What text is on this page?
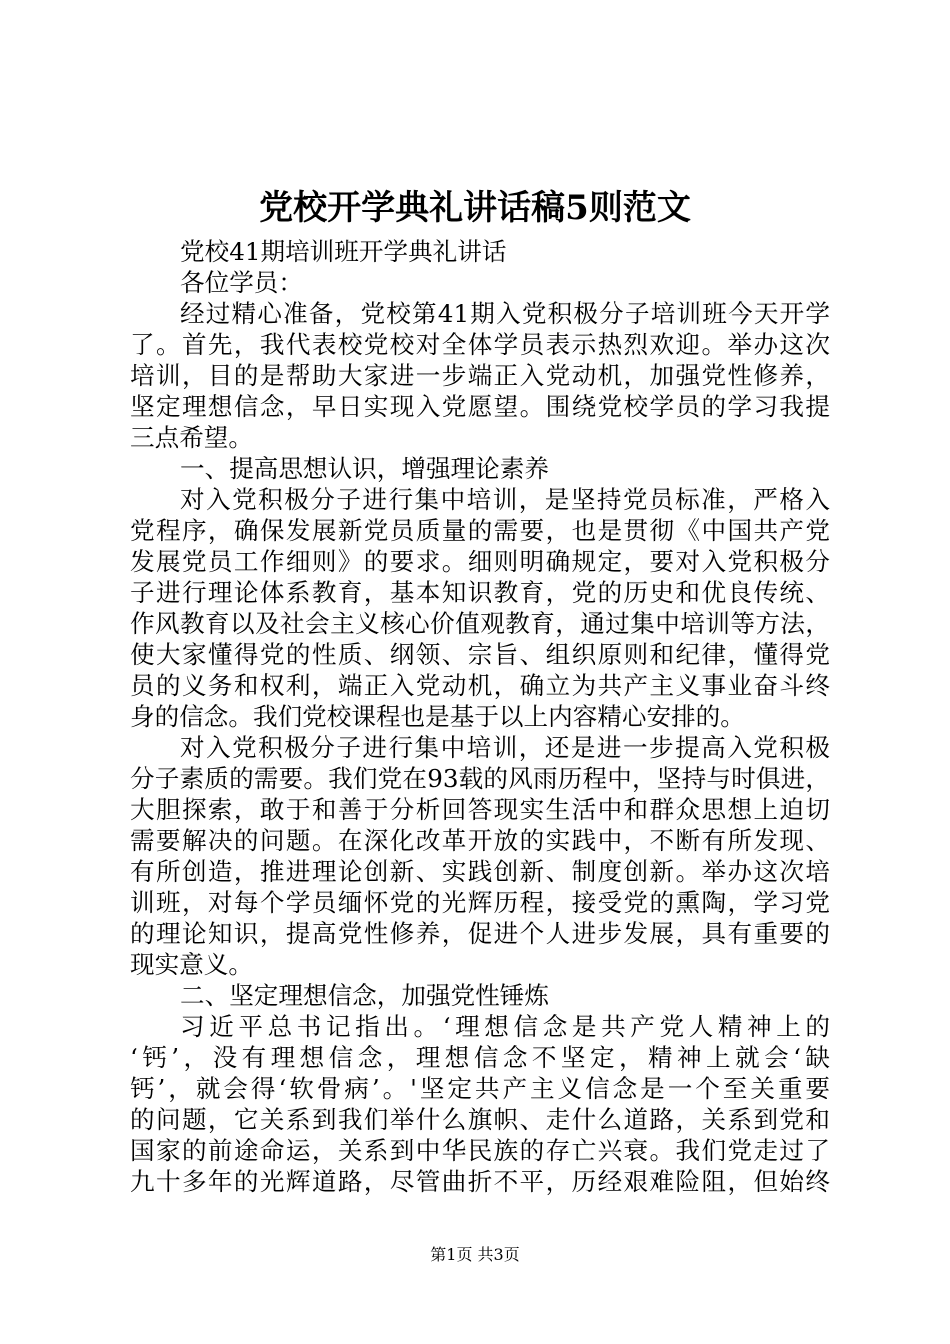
党校开学典礼讲话稿5则范文
党校41期培训班开学典礼讲话
各位学员：
经过精心准备，党校第41期入党积极分子培训班今天开学
了。首先，我代表校党校对全体学员表示热烈欢迎。举办这次
培训，目的是帮助大家进一步端正入党动机，加强党性修养，
坚定理想信念，早日实现入党愿望。围绕党校学员的学习我提
三点希望。
一、提高思想认识，增强理论素养
对入党积极分子进行集中培训，是坚持党员标准，严格入
党程序，确保发展新党员质量的需要，也是贯彻《中国共产党
发展党员工作细则》的要求。细则明确规定，要对入党积极分
子进行理论体系教育，基本知识教育，党的历史和优良传统、
作风教育以及社会主义核心价值观教育，通过集中培训等方法，
使大家懂得党的性质、纲领、宗旨、组织原则和纪律，懂得党
员的义务和权利，端正入党动机，确立为共产主义事业奋斗终
身的信念。我们党校课程也是基于以上内容精心安排的。
对入党积极分子进行集中培训，还是进一步提高入党积极
分子素质的需要。我们党在93载的风雨历程中，坚持与时俱进，
大胆探索，敢于和善于分析回答现实生活中和群众思想上迫切
需要解决的问题。在深化改革开放的实践中，不断有所发现、
有所创造，推进理论创新、实践创新、制度创新。举办这次培
训班，对每个学员缅怀党的光辉历程，接受党的熏陶，学习党
的理论知识，提高党性修养，促进个人进步发展，具有重要的
现实意义。
二、坚定理想信念，加强党性锤炼
习近平总书记指出。‘理想信念是共产党人精神上的
‘钙’，没有理想信念，理想信念不坚定，精神上就会‘缺
钙’，就会得‘软骨病’。'坚定共产主义信念是一个至关重要
的问题，它关系到我们举什么旗帜、走什么道路，关系到党和
国家的前途命运，关系到中华民族的存亡兴衰。我们党走过了
九十多年的光辉道路，尽管曲折不平，历经艰难险阻，但始终
第1页 共3页
